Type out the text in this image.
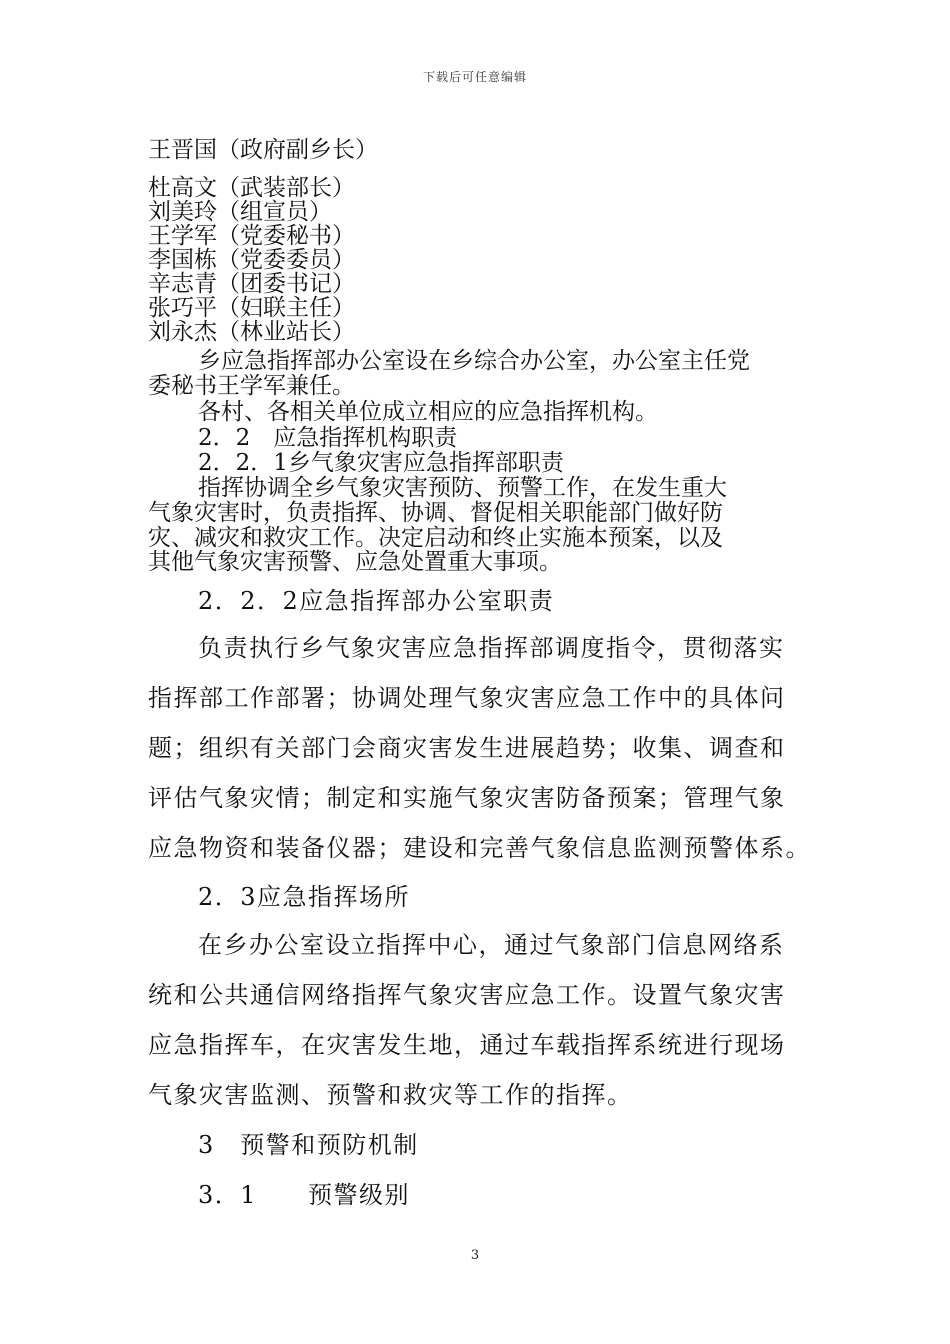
下载后可任意编辑
王晋国（政府副乡长）
杜高文（武装部长）
刘美玲（组宣员）
王学军（党委秘书）
李国栋（党委委员）
辛志青（团委书记）
张巧平（妇联主任）
刘永杰（林业站长）
乡应急指挥部办公室设在乡综合办公室，办公室主任党
委秘书王学军兼任。
各村、各相关单位成立相应的应急指挥机构。
2．2　应急指挥机构职责
2．2．1乡气象灾害应急指挥部职责
指挥协调全乡气象灾害预防、预警工作，在发生重大
气象灾害时，负责指挥、协调、督促相关职能部门做好防
灾、减灾和救灾工作。决定启动和终止实施本预案，以及
其他气象灾害预警、应急处置重大事项。
2．2．2应急指挥部办公室职责
负责执行乡气象灾害应急指挥部调度指令，贯彻落实
指挥部工作部署；协调处理气象灾害应急工作中的具体问
题；组织有关部门会商灾害发生进展趋势；收集、调查和
评估气象灾情；制定和实施气象灾害防备预案；管理气象
应急物资和装备仪器；建设和完善气象信息监测预警体系。
2．3应急指挥场所
在乡办公室设立指挥中心，通过气象部门信息网络系
统和公共通信网络指挥气象灾害应急工作。设置气象灾害
应急指挥车，在灾害发生地，通过车载指挥系统进行现场
气象灾害监测、预警和救灾等工作的指挥。
3　预警和预防机制
3．1　　预警级别
3
